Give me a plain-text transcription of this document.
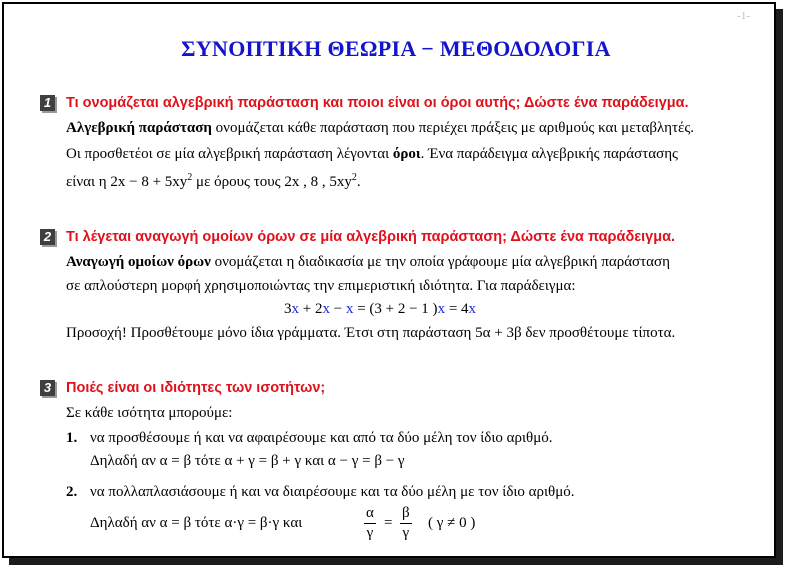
-1-
ΣΥΝΟΠΤΙΚΗ ΘΕΩΡΙΑ − ΜΕΘΟΔΟΛΟΓΙΑ
1 Τι ονομάζεται αλγεβρική παράσταση και ποιοι είναι οι όροι αυτής; Δώστε ένα παράδειγμα.
Αλγεβρική παράσταση ονομάζεται κάθε παράσταση που περιέχει πράξεις με αριθμούς και μεταβλητές.
Οι προσθετέοι σε μία αλγεβρική παράσταση λέγονται όροι. Ένα παράδειγμα αλγεβρικής παράστασης
είναι η $2x - 8 + 5xy^2$ με όρους τους 2x , 8 , $5xy^2$.
2 Τι λέγεται αναγωγή ομοίων όρων σε μία αλγεβρική παράσταση; Δώστε ένα παράδειγμα.
Αναγωγή ομοίων όρων ονομάζεται η διαδικασία με την οποία γράφουμε μία αλγεβρική παράσταση
σε απλούστερη μορφή χρησιμοποιώντας την επιμεριστική ιδιότητα. Για παράδειγμα:
3x + 2x − x = (3 + 2 − 1 )x = 4x
Προσοχή! Προσθέτουμε μόνο ίδια γράμματα. Έτσι στη παράσταση 5α + 3β δεν προσθέτουμε τίποτα.
3 Ποιές είναι οι ιδιότητες των ισοτήτων;
Σε κάθε ισότητα μπορούμε:
1. να προσθέσουμε ή και να αφαιρέσουμε και από τα δύο μέλη τον ίδιο αριθμό.
Δηλαδή αν α = β τότε α + γ = β + γ και α − γ = β − γ
2. να πολλαπλασιάσουμε ή και να διαιρέσουμε και τα δύο μέλη με τον ίδιο αριθμό.
Δηλαδή αν α = β τότε α·γ = β·γ και
α
γ
=
β
γ
( γ ≠ 0 )
